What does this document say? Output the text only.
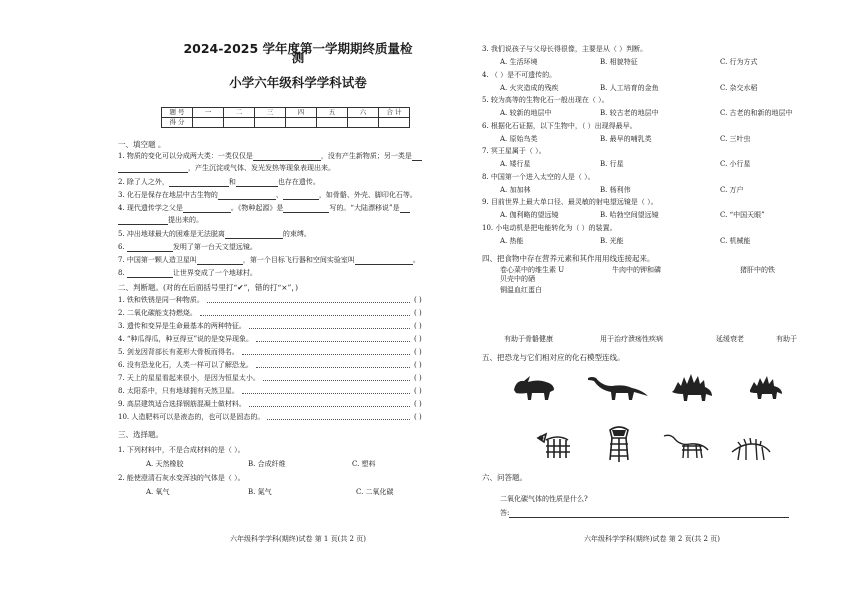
2024-2025 学年度第一学期期终质量检测
小学六年级科学学科试卷
题 号	一	二	三	四	五	六	合 计
得 分							
一、填空题 。
1. 物质的变化可以分成两大类：一类仅仅是	，没有产生新物质；另一类是
，产生沉淀或气体、发光发热等现象表现出来。
2. 除了人之外，	和	也存在遗传。
3. 化石是保存在地层中古生物的	、	，如骨骼、外壳、脚印化石等。
4. 现代遗传学之父是	。《物种起源》是	写的。“大陆漂移说”是
提出来的。
5. 冲出地球最大的困难是无法脱离	的束缚。
6.	发明了第一台天文望远镜。
7. 中国第一颗人造卫星叫	，第一个目标飞行器和空间实验室叫	。
8.	让世界变成了一个地球村。
二、判断题。(对的在后面括号里打“✔”，错的打“×”，)
1. 铁和铁锈是同一种物质。	( )
2. 二氧化碳能支持燃烧。	( )
3. 遗传和变异是生命最基本的两种特征。	( )
4. “种瓜得瓜，种豆得豆”说的是变异现象。	( )
5. 剑龙因背部长有菱形大骨板而得名。	( )
6. 没有恐龙化石，人类一样可以了解恐龙。	( )
7. 天上的星星看起来很小，是因为恒星太小。	( )
8. 太阳系中，只有地球拥有天然卫星。	( )
9. 高层建筑适合选择钢筋混凝土做材料。	( )
10. 人造肥料可以是液态的，也可以是固态的。	( )
三、选择题。
1. 下列材料中，不是合成材料的是（ ）。
A. 天然橡胶	B. 合成纤维	C. 塑料
2. 能使澄清石灰水变浑浊的气体是（ ）。
A. 氧气	B. 氮气	C. 二氧化碳
六年级科学学科(期终)试卷 第 1 页(共 2 页)
3. 我们说孩子与父母长得很像，主要是从（ ）判断。
A. 生活环境	B. 相貌特征	C. 行为方式
4. （ ）是不可遗传的。
A. 火灾造成的残疾	B. 人工培育的金鱼	C. 杂交水稻
5. 较为高等的生物化石一般出现在（ ）。
A. 较新的地层中	B. 较古老的地层中	C. 古老的和新的地层中
6. 根据化石证据，以下生物中，（ ）出现得最早。
A. 原始鸟类	B. 最早的哺乳类	C. 三叶虫
7. 冥王星属于（ ）。
A. 矮行星	B. 行星	C. 小行星
8. 中国第一个进入太空的人是（ ）。
A. 加加林	B. 杨利伟	C. 万户
9. 目前世界上最大单口径、最灵敏的射电望远镜是（ ）。
A. 伽利略的望远镜	B. 哈勃空间望远镜	C. “中国天眼”
10. 小电动机是把电能转化为（ ）的装置。
A. 热能	B. 光能	C. 机械能
四、把食物中存在营养元素和其作用用线连接起来。
卷心菜中的维生素 U	牛肉中的钾和磷	猪肝中的铁
贝壳中的硒
铜温血红蛋白
有助于骨骼健康	用于治疗溃疡性疾病	延缓衰老	有助于
五、把恐龙与它们相对应的化石模型连线。
六、问答题。
二氧化碳气体的性质是什么?
答:
六年级科学学科(期终)试卷 第 2 页(共 2 页)
